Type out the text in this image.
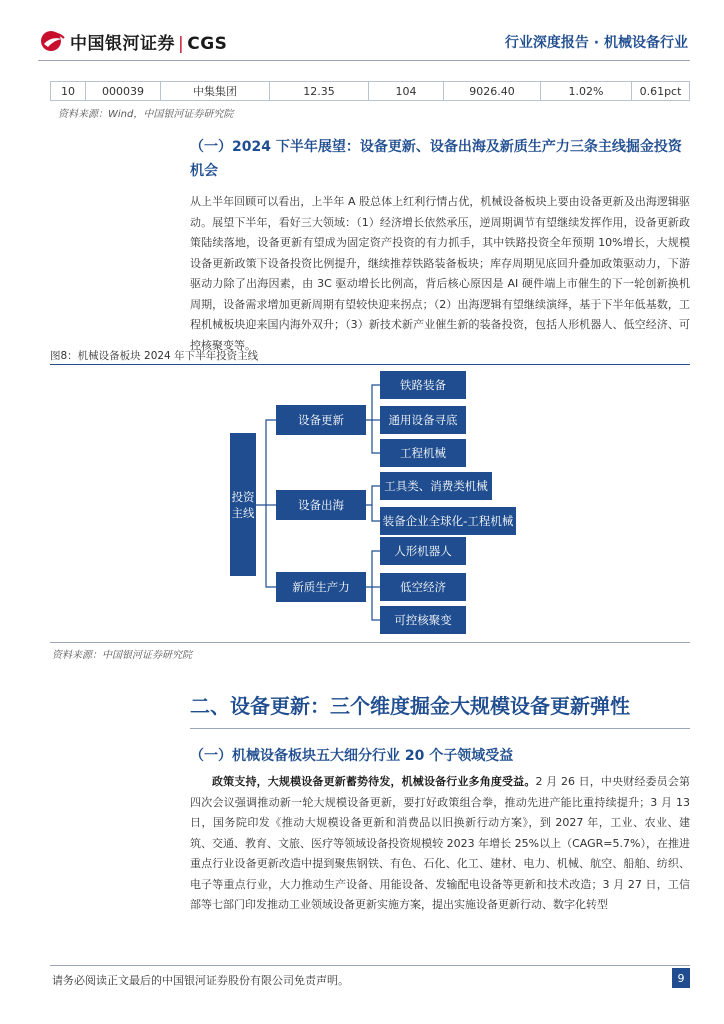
中国银河证券 | CGS	行业深度报告 · 机械设备行业
10	000039	中集集团	12.35	104	9026.40	1.02%	0.61pct
资料来源：Wind，中国银河证券研究院
（一）2024 下半年展望：设备更新、设备出海及新质生产力三条主线掘金投资机会
从上半年回顾可以看出，上半年 A 股总体上红利行情占优，机械设备板块上要由设备更新及出海逻辑驱动。展望下半年，看好三大领域：（1）经济增长依然承压，逆周期调节有望继续发挥作用，设备更新政策陆续落地，设备更新有望成为固定资产投资的有力抓手，其中铁路投资全年预期 10%增长，大规模设备更新政策下设备投资比例提升，继续推荐铁路装备板块；库存周期见底回升叠加政策驱动力，下游驱动力除了出海因素，由 3C 驱动增长比例高，背后核心原因是 AI 硬件端上市催生的下一轮创新换机周期，设备需求增加更新周期有望较快迎来拐点；（2）出海逻辑有望继续演绎，基于下半年低基数，工程机械板块迎来国内海外双升；（3）新技术新产业催生新的装备投资，包括人形机器人、低空经济、可控核聚变等。
图8：机械设备板块 2024 年下半年投资主线
投资
主线
设备更新
设备出海
新质生产力
铁路装备
通用设备寻底
工程机械
工具类、消费类机械
装备企业全球化-工程机械
人形机器人
低空经济
可控核聚变
资料来源：中国银河证券研究院
二、设备更新：三个维度掘金大规模设备更新弹性
（一）机械设备板块五大细分行业 20 个子领域受益
政策支持，大规模设备更新蓄势待发，机械设备行业多角度受益。2 月 26 日，中央财经委员会第四次会议强调推动新一轮大规模设备更新，要打好政策组合拳，推动先进产能比重持续提升；3 月 13 日，国务院印发《推动大规模设备更新和消费品以旧换新行动方案》，到 2027 年，工业、农业、建筑、交通、教育、文旅、医疗等领域设备投资规模较 2023 年增长 25%以上（CAGR=5.7%），在推进重点行业设备更新改造中提到聚焦钢铁、有色、石化、化工、建材、电力、机械、航空、船舶、纺织、电子等重点行业，大力推动生产设备、用能设备、发输配电设备等更新和技术改造；3 月 27 日，工信部等七部门印发推动工业领域设备更新实施方案，提出实施设备更新行动、数字化转型
请务必阅读正文最后的中国银河证券股份有限公司免责声明。	9
